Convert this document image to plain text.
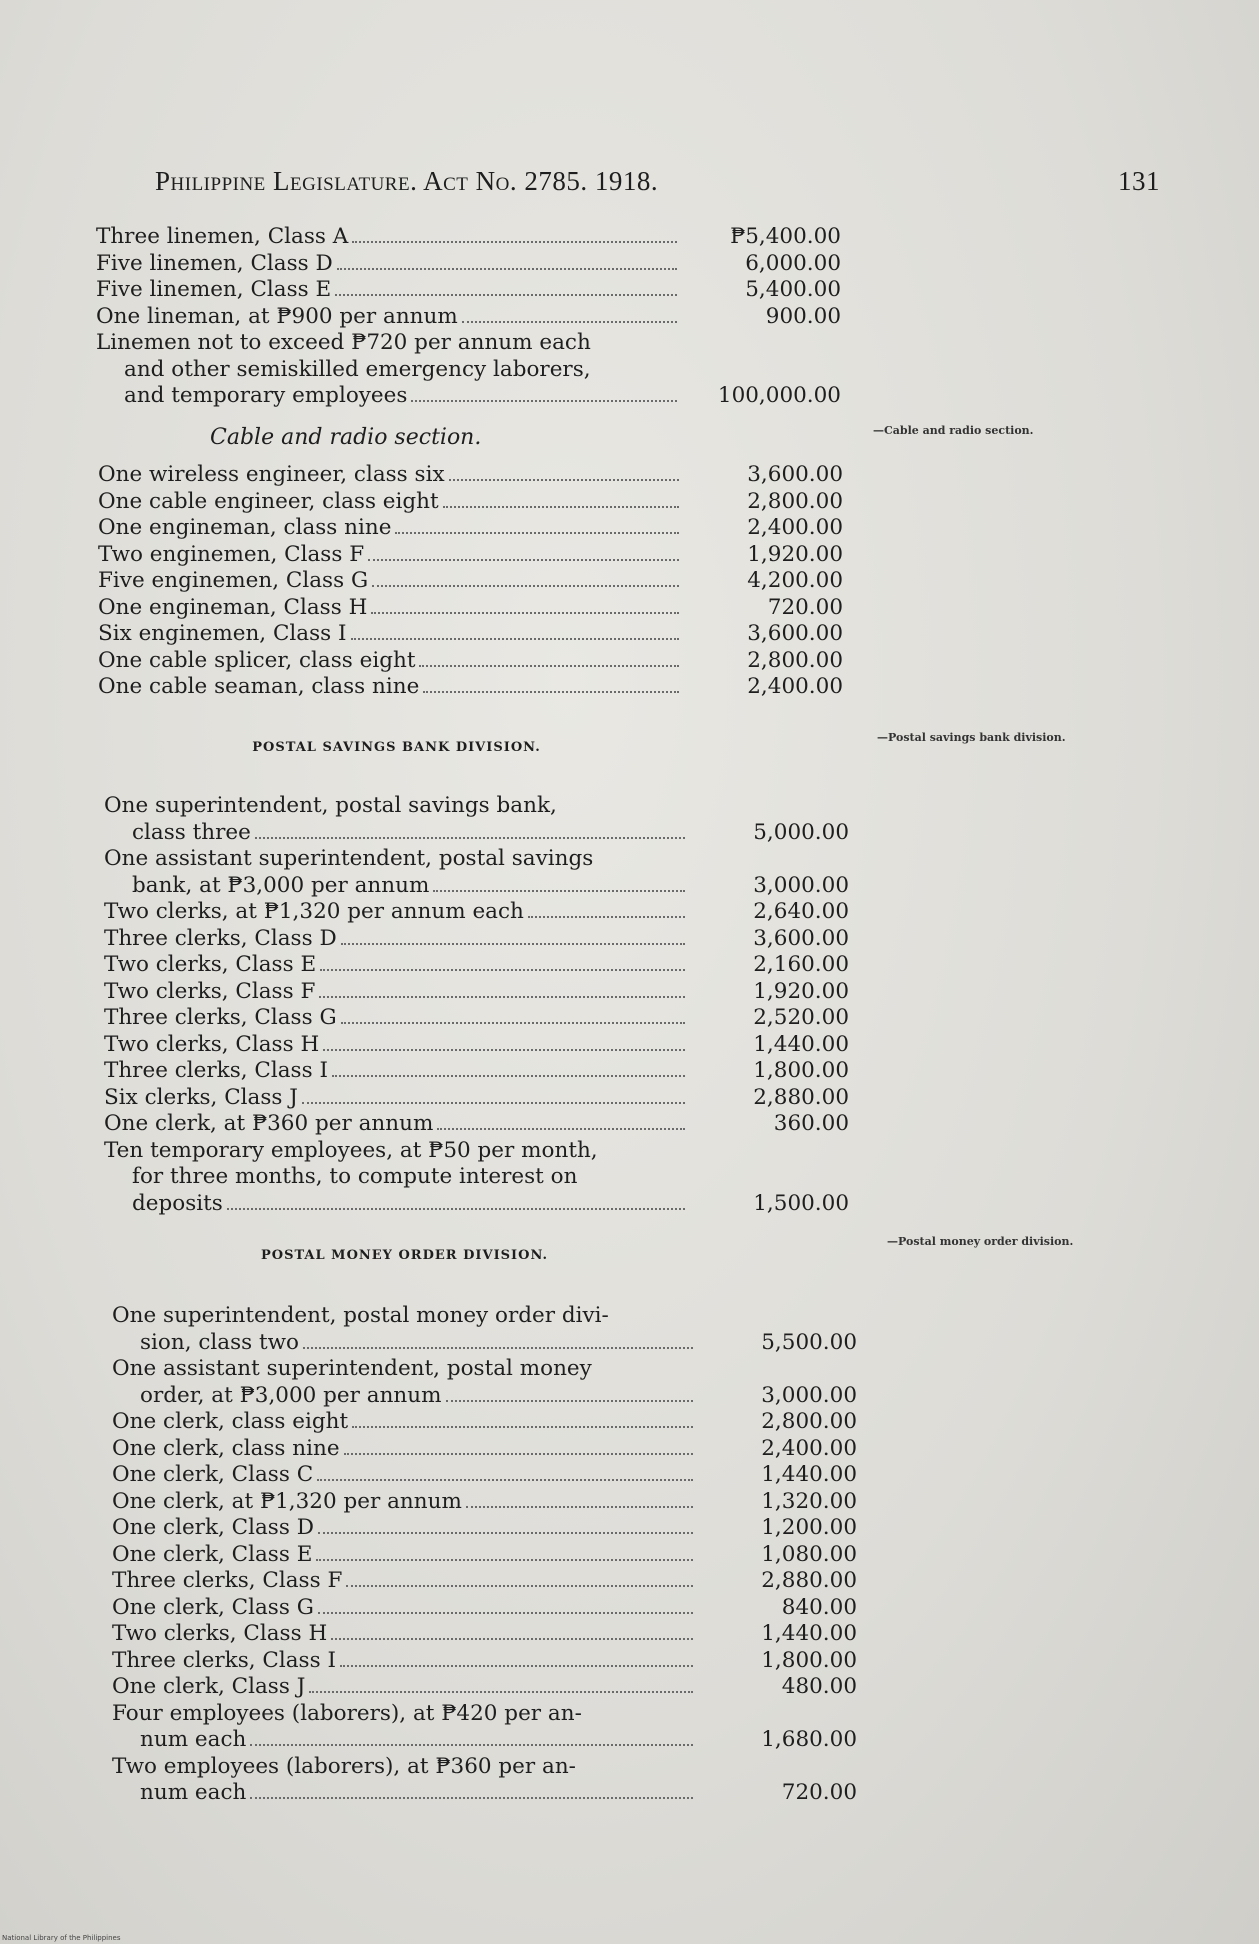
Philippine Legislature. Act No. 2785. 1918.	131
Three linemen, Class A	₱5,400.00
Five linemen, Class D	6,000.00
Five linemen, Class E	5,400.00
One lineman, at ₱900 per annum	900.00
Linemen not to exceed ₱720 per annum each
and other semiskilled emergency laborers,
and temporary employees	100,000.00
Cable and radio section.
One wireless engineer, class six	3,600.00
One cable engineer, class eight	2,800.00
One engineman, class nine	2,400.00
Two enginemen, Class F	1,920.00
Five enginemen, Class G	4,200.00
One engineman, Class H	720.00
Six enginemen, Class I	3,600.00
One cable splicer, class eight	2,800.00
One cable seaman, class nine	2,400.00
—Cable and radio section.
POSTAL SAVINGS BANK DIVISION.
One superintendent, postal savings bank,
class three	5,000.00
One assistant superintendent, postal savings
bank, at ₱3,000 per annum	3,000.00
Two clerks, at ₱1,320 per annum each	2,640.00
Three clerks, Class D	3,600.00
Two clerks, Class E	2,160.00
Two clerks, Class F	1,920.00
Three clerks, Class G	2,520.00
Two clerks, Class H	1,440.00
Three clerks, Class I	1,800.00
Six clerks, Class J	2,880.00
One clerk, at ₱360 per annum	360.00
Ten temporary employees, at ₱50 per month,
for three months, to compute interest on
deposits	1,500.00
—Postal savings bank division.
POSTAL MONEY ORDER DIVISION.
One superintendent, postal money order divi-
sion, class two	5,500.00
One assistant superintendent, postal money
order, at ₱3,000 per annum	3,000.00
One clerk, class eight	2,800.00
One clerk, class nine	2,400.00
One clerk, Class C	1,440.00
One clerk, at ₱1,320 per annum	1,320.00
One clerk, Class D	1,200.00
One clerk, Class E	1,080.00
Three clerks, Class F	2,880.00
One clerk, Class G	840.00
Two clerks, Class H	1,440.00
Three clerks, Class I	1,800.00
One clerk, Class J	480.00
Four employees (laborers), at ₱420 per an-
num each	1,680.00
Two employees (laborers), at ₱360 per an-
num each	720.00
—Postal money order division.
National Library of the Philippines
